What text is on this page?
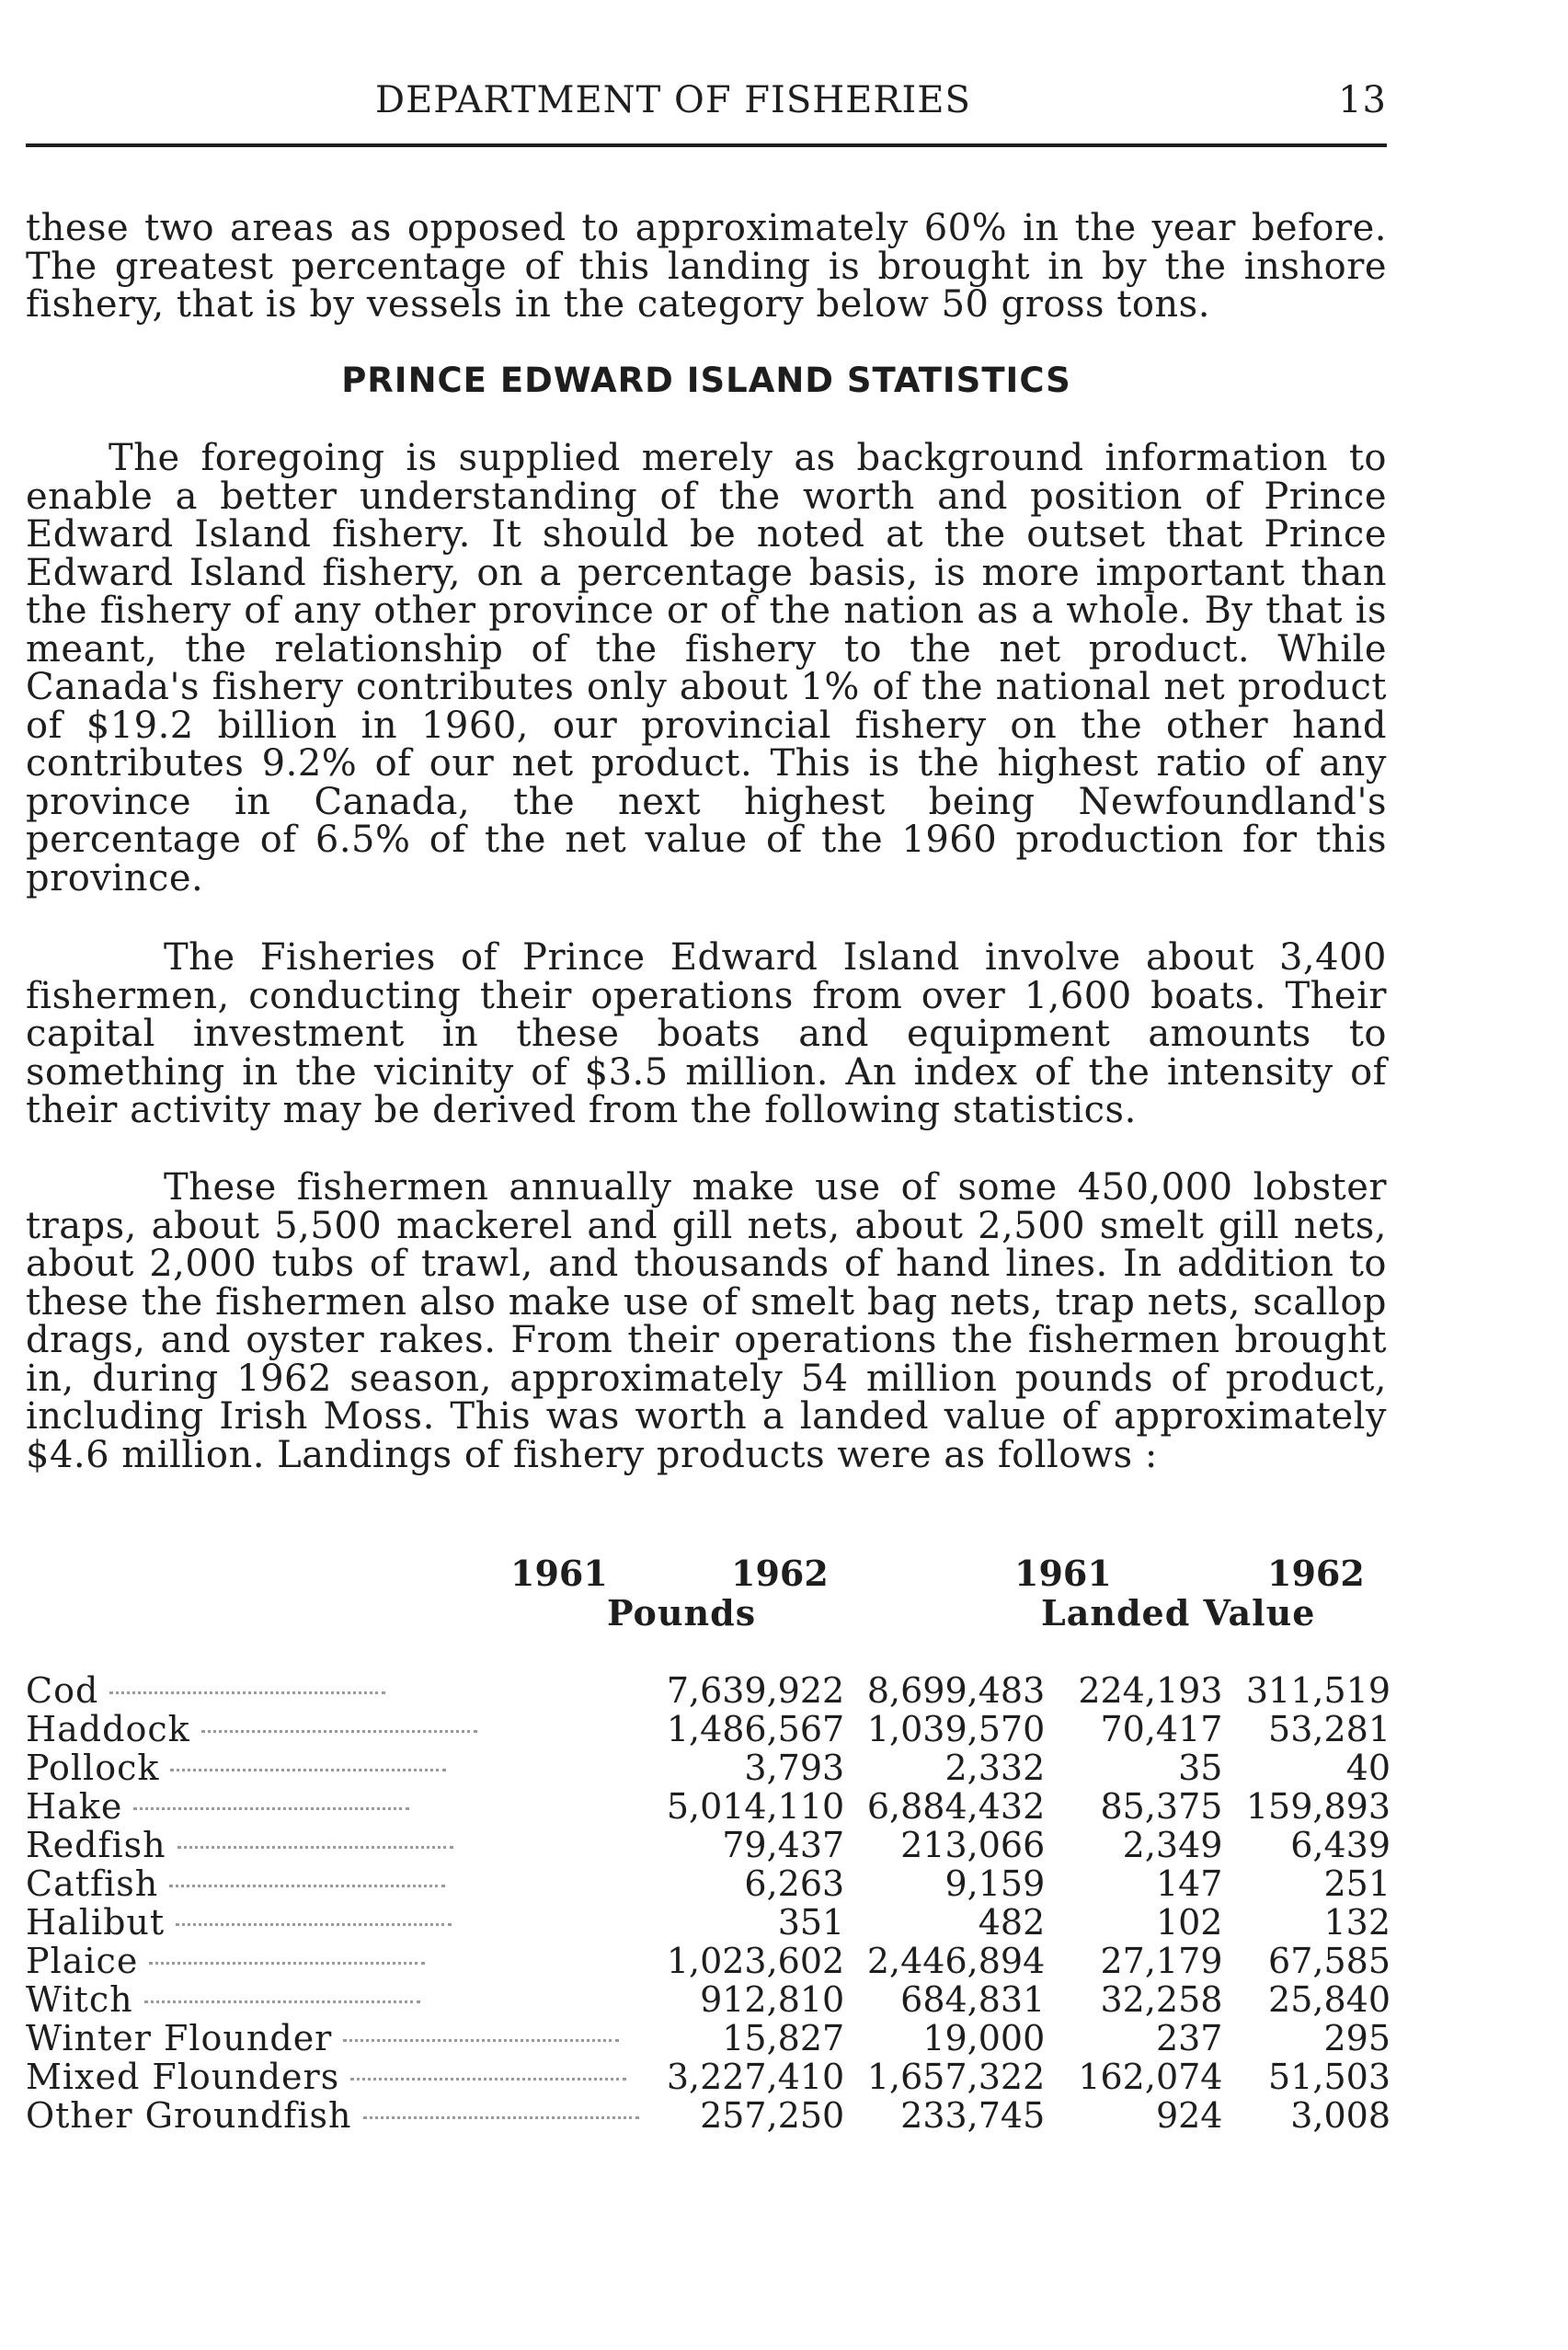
DEPARTMENT OF FISHERIES	13

these two areas as opposed to approximately 60% in the year before. The greatest percentage of this landing is brought in by the inshore fishery, that is by vessels in the category below 50 gross tons.

PRINCE EDWARD ISLAND STATISTICS

The foregoing is supplied merely as background information to enable a better understanding of the worth and position of Prince Edward Island fishery. It should be noted at the outset that Prince Edward Island fishery, on a percentage basis, is more important than the fishery of any other province or of the nation as a whole. By that is meant, the relationship of the fishery to the net product. While Canada's fishery contributes only about 1% of the national net product of $19.2 billion in 1960, our provincial fishery on the other hand contributes 9.2% of our net product. This is the highest ratio of any province in Canada, the next highest being Newfoundland's percentage of 6.5% of the net value of the 1960 production for this province.

The Fisheries of Prince Edward Island involve about 3,400 fishermen, conducting their operations from over 1,600 boats. Their capital investment in these boats and equipment amounts to something in the vicinity of $3.5 million. An index of the intensity of their activity may be derived from the following statistics.

These fishermen annually make use of some 450,000 lobster traps, about 5,500 mackerel and gill nets, about 2,500 smelt gill nets, about 2,000 tubs of trawl, and thousands of hand lines. In addition to these the fishermen also make use of smelt bag nets, trap nets, scallop drags, and oyster rakes. From their operations the fishermen brought in, during 1962 season, approximately 54 million pounds of product, including Irish Moss. This was worth a landed value of approximately $4.6 million. Landings of fishery products were as follows :

1961	1962	1961	1962
Pounds	Landed Value
Cod	7,639,922	8,699,483	224,193	311,519
Haddock	1,486,567	1,039,570	70,417	53,281
Pollock	3,793	2,332	35	40
Hake	5,014,110	6,884,432	85,375	159,893
Redfish	79,437	213,066	2,349	6,439
Catfish	6,263	9,159	147	251
Halibut	351	482	102	132
Plaice	1,023,602	2,446,894	27,179	67,585
Witch	912,810	684,831	32,258	25,840
Winter Flounder	15,827	19,000	237	295
Mixed Flounders	3,227,410	1,657,322	162,074	51,503
Other Groundfish	257,250	233,745	924	3,008
